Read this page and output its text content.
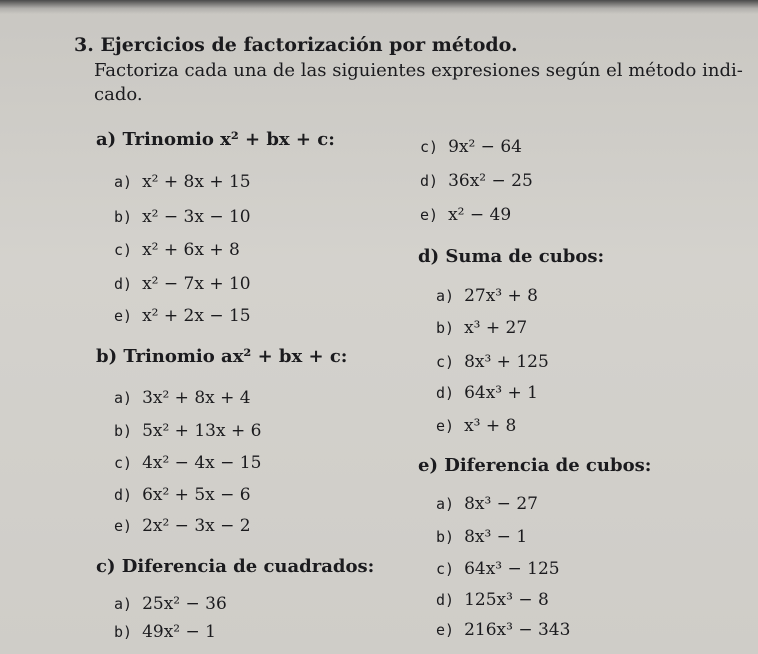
3. Ejercicios de factorización por método.
Factoriza cada una de las siguientes expresiones según el método indi-
cado.
a) Trinomio x² + bx + c:
a) x² + 8x + 15
b) x² − 3x − 10
c) x² + 6x + 8
d) x² − 7x + 10
e) x² + 2x − 15
b) Trinomio ax² + bx + c:
a) 3x² + 8x + 4
b) 5x² + 13x + 6
c) 4x² − 4x − 15
d) 6x² + 5x − 6
e) 2x² − 3x − 2
c) Diferencia de cuadrados:
a) 25x² − 36
b) 49x² − 1
c) 9x² − 64
d) 36x² − 25
e) x² − 49
d) Suma de cubos:
a) 27x³ + 8
b) x³ + 27
c) 8x³ + 125
d) 64x³ + 1
e) x³ + 8
e) Diferencia de cubos:
a) 8x³ − 27
b) 8x³ − 1
c) 64x³ − 125
d) 125x³ − 8
e) 216x³ − 343
